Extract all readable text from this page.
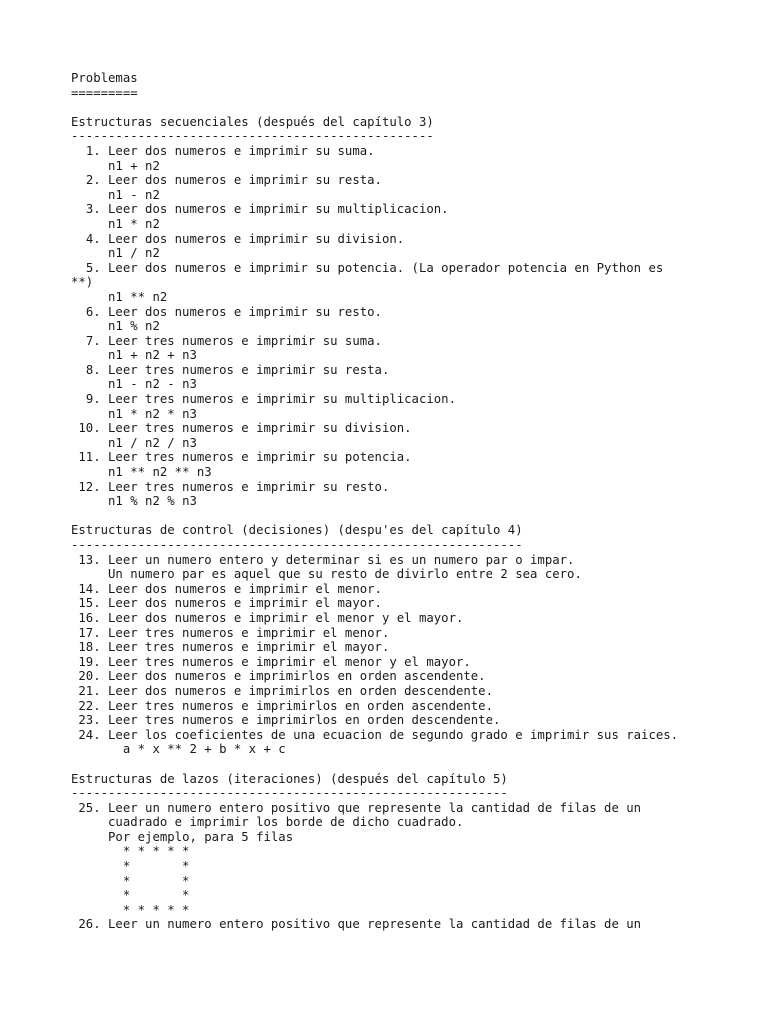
Problemas
=========
Estructuras secuenciales (después del capítulo 3)
-------------------------------------------------
1. Leer dos numeros e imprimir su suma.
n1 + n2
2. Leer dos numeros e imprimir su resta.
n1 - n2
3. Leer dos numeros e imprimir su multiplicacion.
n1 * n2
4. Leer dos numeros e imprimir su division.
n1 / n2
5. Leer dos numeros e imprimir su potencia. (La operador potencia en Python es
**)
n1 ** n2
6. Leer dos numeros e imprimir su resto.
n1 % n2
7. Leer tres numeros e imprimir su suma.
n1 + n2 + n3
8. Leer tres numeros e imprimir su resta.
n1 - n2 - n3
9. Leer tres numeros e imprimir su multiplicacion.
n1 * n2 * n3
10. Leer tres numeros e imprimir su division.
n1 / n2 / n3
11. Leer tres numeros e imprimir su potencia.
n1 ** n2 ** n3
12. Leer tres numeros e imprimir su resto.
n1 % n2 % n3
Estructuras de control (decisiones) (despu'es del capítulo 4)
-------------------------------------------------------------
13. Leer un numero entero y determinar si es un numero par o impar.
Un numero par es aquel que su resto de divirlo entre 2 sea cero.
14. Leer dos numeros e imprimir el menor.
15. Leer dos numeros e imprimir el mayor.
16. Leer dos numeros e imprimir el menor y el mayor.
17. Leer tres numeros e imprimir el menor.
18. Leer tres numeros e imprimir el mayor.
19. Leer tres numeros e imprimir el menor y el mayor.
20. Leer dos numeros e imprimirlos en orden ascendente.
21. Leer dos numeros e imprimirlos en orden descendente.
22. Leer tres numeros e imprimirlos en orden ascendente.
23. Leer tres numeros e imprimirlos en orden descendente.
24. Leer los coeficientes de una ecuacion de segundo grado e imprimir sus raices.
a * x ** 2 + b * x + c
Estructuras de lazos (iteraciones) (después del capítulo 5)
-----------------------------------------------------------
25. Leer un numero entero positivo que represente la cantidad de filas de un
cuadrado e imprimir los borde de dicho cuadrado.
Por ejemplo, para 5 filas
* * * * *
*       *
*       *
*       *
* * * * *
26. Leer un numero entero positivo que represente la cantidad de filas de un
